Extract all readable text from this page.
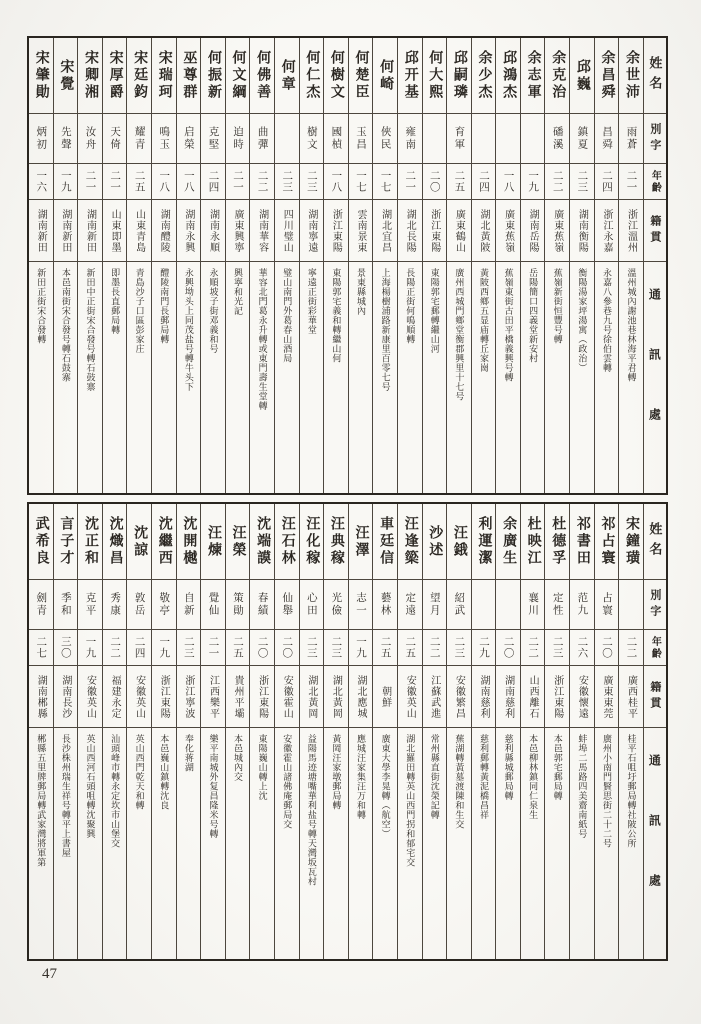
宋肇勛
炳初
一六
湖南新田
新田正街宋合發轉
宋覺
先聲
一九
湖南新田
本邑南街宋合發号轉石鼓寨
宋卿湘
汝舟
二一
湖南新田
新田中正街宋合發号轉石鼓寨
宋厚爵
天倚
二一
山東即墨
即墨長直郵局轉
宋廷鈞
耀青
二五
山東青島
青島沙子口區彭家庄
宋瑞珂
鳴玉
一八
湖南醴陵
醴陵南門長郵局轉
巫尊群
启榮
一八
湖南永興
永興坳头上同茂盐号轉牛头下
何振新
克堅
二四
湖南永順
永順坡子街邓義和号
何文綱
迫時
二一
廣東興寧
興寧和光記
何佛善
曲彈
二二
湖南華容
華容北門葛永升轉或東門壽生堂轉
何章
二三
四川璧山
璧山南門外葛春山酒局
何仁杰
樹文
二三
湖南寧遠
寧遠正街彩華堂
何樹文
國楨
一八
浙江東陽
東陽郭宅義和轉繼山何
何楚臣
玉昌
一七
雲南景東
景東縣城內
何崎
俠民
一七
湖北宜昌
上海楊樹浦路新康里百零七号
邱开基
雍南
二一
湖北長陽
長陽正街何鳴順轉
何大熙
二〇
浙江東陽
東陽郭宅郵轉繼山河
邱嗣璘
育軍
二五
廣東鶴山
廣州西城門鄉堂衡郡興里十七号
余少杰
二四
湖北黃陂
黃陂西鄉五显庙轉丘家崗
邱鴻杰
一八
廣東蕉嶺
蕉嶺東街古田平橋義興号轉
余志軍
一九
湖南岳陽
岳陽簡口四義堂新安村
余克治
磻溪
二二
廣東蕉嶺
蕉嶺新街恒豐号轉
邱巍
鎮夏
二三
湖南衡陽
衡陽湯家坪湯寓（政治）
余昌舜
昌舜
二四
浙江永嘉
永嘉八參巷九号徐伯雲轉
余世沛
雨蒼
二一
浙江溫州
溫州城內謝池巷林海平君轉
姓名
別字
年齡
籍貫
通訊處
武希良
劍青
二七
湖南郴縣
郴縣五里牌郵局轉武家灣將軍第
言子才
季和
三〇
湖南長沙
長沙株州瑞生祥号轉平上書屋
沈正和
克平
一九
安徽英山
英山西河石頭咀轉沈聚興
沈熾昌
秀康
二二
福建永定
汕頭峰市轉永定坎市山堡交
沈諒
敦岳
二四
安徽英山
英山西門乾天和轉
沈繼西
敬亭
一九
浙江東陽
本邑巍山鎮轉沈良
沈開樾
自新
二三
浙江寧波
奉化蒋湖
汪煉
覺仙
二一
江西樂平
樂平南城外复昌隆米号轉
汪榮
策勛
二五
貴州平壩
本邑城內交
沈端謨
春績
二〇
浙江東陽
東陽巍山轉上沈
汪石林
仙舉
二〇
安徽霍山
安徽霍山諸佛庵郵局交
汪化稼
心田
二三
湖北黃岡
益陽馬迹塘嘴華利盐号轉天灣坂瓦村
汪典稼
光儉
二三
湖北黃岡
黃岡汪家墩郵局轉
汪澤
志一
一九
湖北應城
應城汪家集汪万和轉
車廷信
藝林
二五
朝鮮
廣東大學李晃轉（航空）
汪逢簗
定遠
二五
安徽英山
湖北羅田轉英山西門拐和郁宅交
沙述
望月
二二
江蘇武進
常州縣直街沈榮記轉
汪鋨
紹武
二三
安徽繁昌
蕪湖轉黃墓渡陳和生交
利運潔
二九
湖南慈利
慈利郵轉黃泥橋昌祥
余廣生
二〇
湖南慈利
慈利縣城郵局轉
杜映江
襄川
二二
山西離石
本邑柳林鎮同仁泉生
杜德孚
定性
二三
浙江東陽
本邑郭宅郵局轉
祁書田
范九
二六
安徽懷遠
蚌埠二馬路四美齋南紙号
祁占寰
占寰
二〇
廣東東莞
廣州小南門賢思街二十二号
宋鐘璜
二二
廣西桂平
桂平石咀圩郵局轉社陂公所
姓名
別字
年齡
籍貫
通訊處
47
